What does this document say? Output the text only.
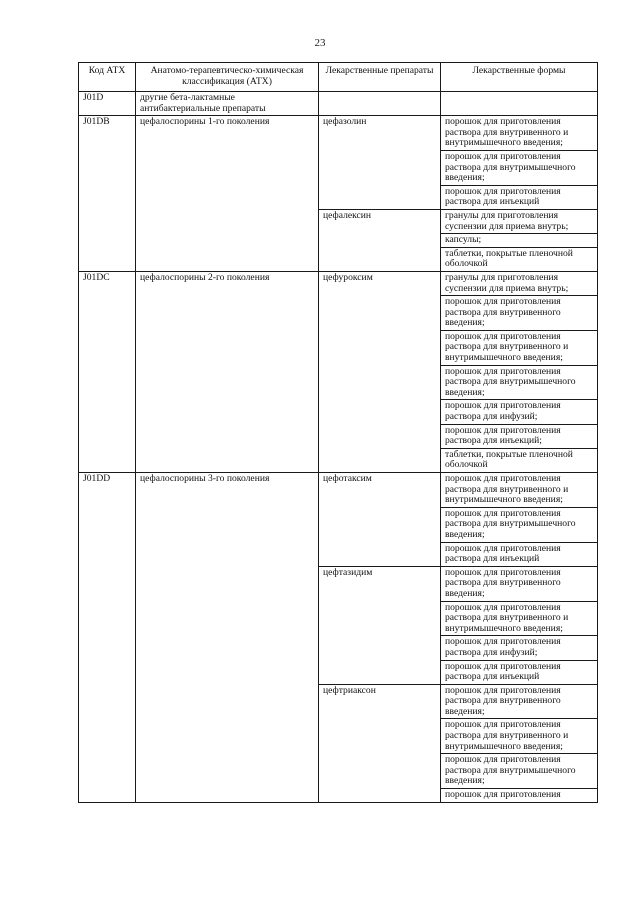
23
Код АТХ	Анатомо-терапевтическо-химическая классификация (АТХ)	Лекарственные препараты	Лекарственные формы
J01D	другие бета-лактамные антибактериальные препараты		
J01DB	цефалоспорины 1-го поколения	цефазолин	порошок для приготовления раствора для внутривенного и внутримышечного введения;
			порошок для приготовления раствора для внутримышечного введения;
			порошок для приготовления раствора для инъекций
		цефалексин	гранулы для приготовления суспензии для приема внутрь;
			капсулы;
			таблетки, покрытые пленочной оболочкой
J01DC	цефалоспорины 2-го поколения	цефуроксим	гранулы для приготовления суспензии для приема внутрь;
			порошок для приготовления раствора для внутривенного введения;
			порошок для приготовления раствора для внутривенного и внутримышечного введения;
			порошок для приготовления раствора для внутримышечного введения;
			порошок для приготовления раствора для инфузий;
			порошок для приготовления раствора для инъекций;
			таблетки, покрытые пленочной оболочкой
J01DD	цефалоспорины 3-го поколения	цефотаксим	порошок для приготовления раствора для внутривенного и внутримышечного введения;
			порошок для приготовления раствора для внутримышечного введения;
			порошок для приготовления раствора для инъекций
		цефтазидим	порошок для приготовления раствора для внутривенного введения;
			порошок для приготовления раствора для внутривенного и внутримышечного введения;
			порошок для приготовления раствора для инфузий;
			порошок для приготовления раствора для инъекций
		цефтриаксон	порошок для приготовления раствора для внутривенного введения;
			порошок для приготовления раствора для внутривенного и внутримышечного введения;
			порошок для приготовления раствора для внутримышечного введения;
			порошок для приготовления
